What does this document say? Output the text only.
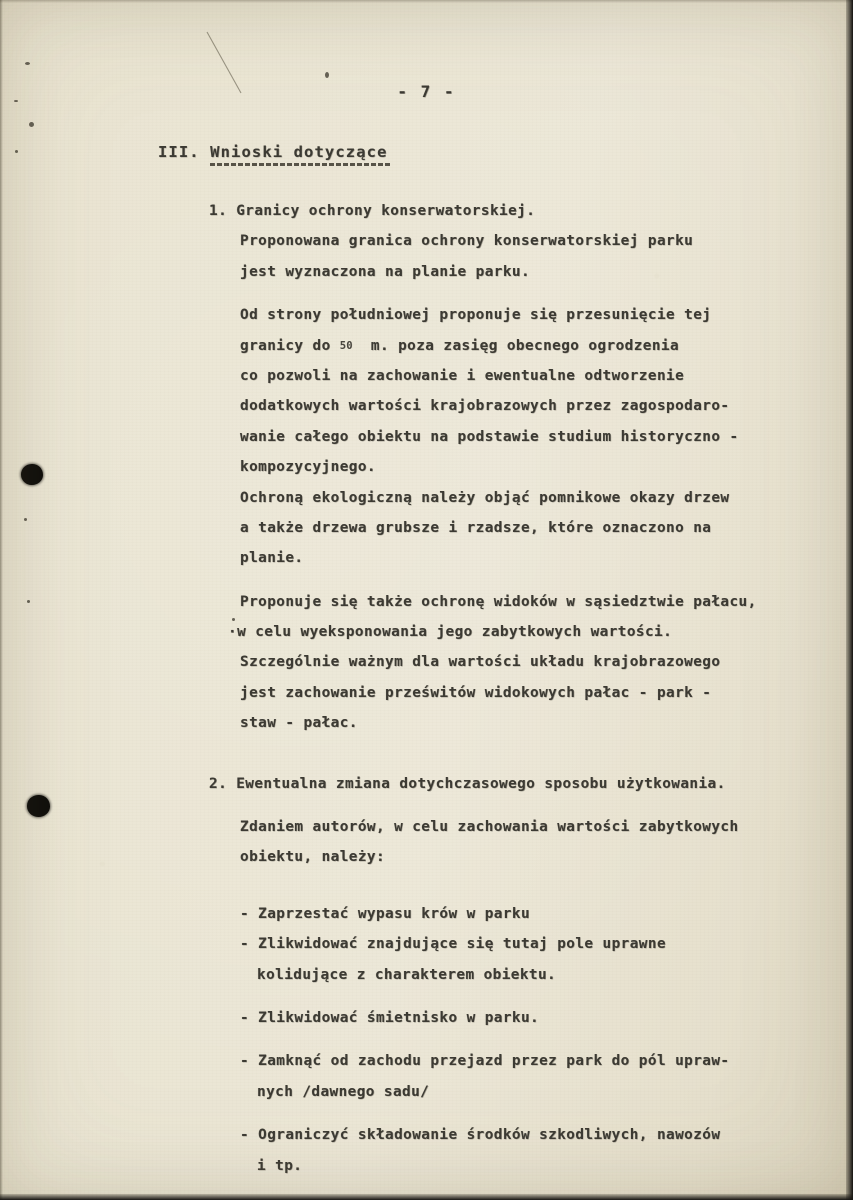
- 7 -
III. Wnioski dotyczące
1. Granicy ochrony konserwatorskiej.
Proponowana granica ochrony konserwatorskiej parku
jest wyznaczona na planie parku.
Od strony południowej proponuje się przesunięcie tej
granicy do 50  m. poza zasięg obecnego ogrodzenia
co pozwoli na zachowanie i ewentualne odtworzenie
dodatkowych wartości krajobrazowych przez zagospodaro-
wanie całego obiektu na podstawie studium historyczno -
kompozycyjnego.
Ochroną ekologiczną należy objąć pomnikowe okazy drzew
a także drzewa grubsze i rzadsze, które oznaczono na
planie.
Proponuje się także ochronę widoków w sąsiedztwie pałacu,
·w celu wyeksponowania jego zabytkowych wartości.
Szczególnie ważnym dla wartości układu krajobrazowego
jest zachowanie prześwitów widokowych pałac - park -
staw - pałac.
2. Ewentualna zmiana dotychczasowego sposobu użytkowania.
Zdaniem autorów, w celu zachowania wartości zabytkowych
obiektu, należy:
- Zaprzestać wypasu krów w parku
- Zlikwidować znajdujące się tutaj pole uprawne
kolidujące z charakterem obiektu.
- Zlikwidować śmietnisko w parku.
- Zamknąć od zachodu przejazd przez park do pól upraw-
nych /dawnego sadu/
- Ograniczyć składowanie środków szkodliwych, nawozów
i tp.
